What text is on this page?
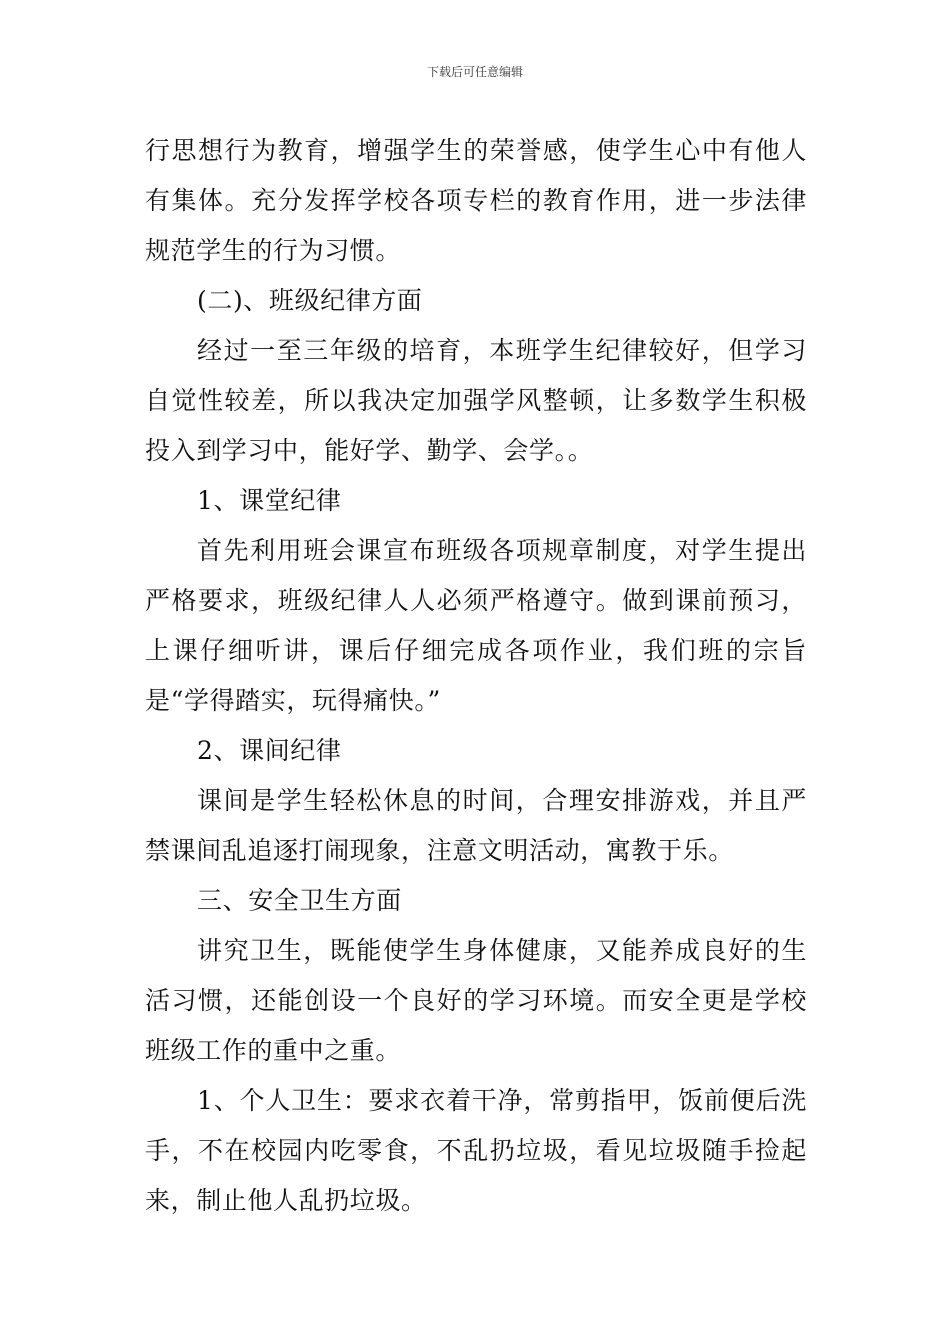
下载后可任意编辑

行思想行为教育，增强学生的荣誉感，使学生心中有他人有集体。充分发挥学校各项专栏的教育作用，进一步法律规范学生的行为习惯。

(二)、班级纪律方面

经过一至三年级的培育，本班学生纪律较好，但学习自觉性较差，所以我决定加强学风整顿，让多数学生积极投入到学习中，能好学、勤学、会学。。

1、课堂纪律

首先利用班会课宣布班级各项规章制度，对学生提出严格要求，班级纪律人人必须严格遵守。做到课前预习，上课仔细听讲，课后仔细完成各项作业，我们班的宗旨是“学得踏实，玩得痛快。”

2、课间纪律

课间是学生轻松休息的时间，合理安排游戏，并且严禁课间乱追逐打闹现象，注意文明活动，寓教于乐。

三、安全卫生方面

讲究卫生，既能使学生身体健康，又能养成良好的生活习惯，还能创设一个良好的学习环境。而安全更是学校班级工作的重中之重。

1、个人卫生：要求衣着干净，常剪指甲，饭前便后洗手，不在校园内吃零食，不乱扔垃圾，看见垃圾随手捡起来，制止他人乱扔垃圾。
